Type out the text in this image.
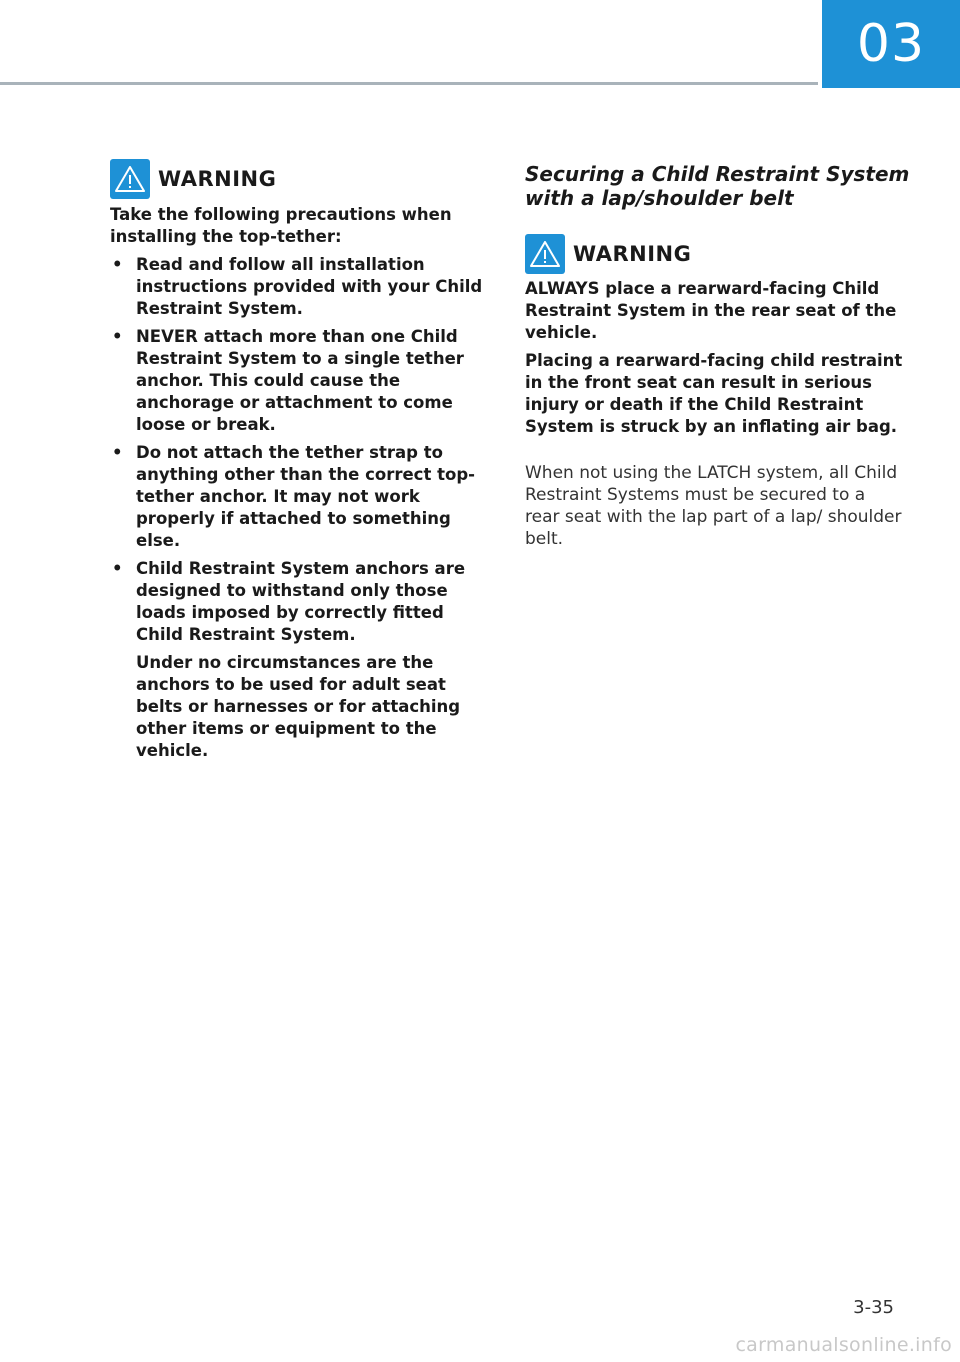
03
WARNING

Take the following precautions when installing the top-tether:

• Read and follow all installation instructions provided with your Child Restraint System.
• NEVER attach more than one Child Restraint System to a single tether anchor. This could cause the anchorage or attachment to come loose or break.
• Do not attach the tether strap to anything other than the correct top-tether anchor. It may not work properly if attached to something else.
• Child Restraint System anchors are designed to withstand only those loads imposed by correctly fitted Child Restraint System.

Under no circumstances are the anchors to be used for adult seat belts or harnesses or for attaching other items or equipment to the vehicle.

Securing a Child Restraint System

with a lap/shoulder belt

WARNING

ALWAYS place a rearward-facing Child Restraint System in the rear seat of the vehicle.

Placing a rearward-facing child restraint in the front seat can result in serious injury or death if the Child Restraint System is struck by an inflating air bag.

When not using the LATCH system, all Child Restraint Systems must be secured to a rear seat with the lap part of a lap/ shoulder belt.

3-35
carmanualsonline.info
